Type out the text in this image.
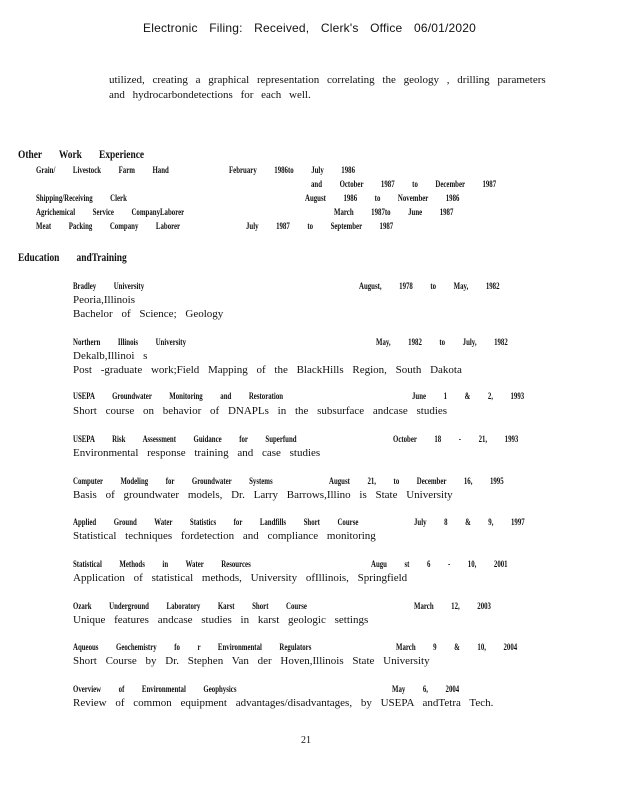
Electronic Filing: Received, Clerk's Office 06/01/2020
utilized, creating a graphical representation correlating the geology , drilling parameters
and hydrocarbondetections for each well.
Other Work Experience
Grain/ Livestock Farm Hand	February 1986to July 1986
and October 1987 to December 1987
Shipping/Receiving Clerk	August 1986 to November 1986
Agrichemical Service CompanyLaborer	March 1987to June 1987
Meat Packing Company Laborer	July 1987 to September 1987
Education andTraining
Bradley University	August, 1978 to May, 1982
Peoria,Illinois
Bachelor of Science; Geology
Northern Illinois University	May, 1982 to July, 1982
Dekalb,Illinoi s
Post -graduate work;Field Mapping of the BlackHills Region, South Dakota
USEPA Groundwater Monitoring and Restoration	June 1 & 2, 1993
Short course on behavior of DNAPLs in the subsurface andcase studies
USEPA Risk Assessment Guidance for Superfund	October 18 - 21, 1993
Environmental response training and case studies
Computer Modeling for Groundwater Systems	August 21, to December 16, 1995
Basis of groundwater models, Dr. Larry Barrows,Illino is State University
Applied Ground Water Statistics for Landfills Short Course	July 8 & 9, 1997
Statistical techniques fordetection and compliance monitoring
Statistical Methods in Water Resources	Augu st 6 - 10, 2001
Application of statistical methods, University ofIllinois, Springfield
Ozark Underground Laboratory Karst Short Course	March 12, 2003
Unique features andcase studies in karst geologic settings
Aqueous Geochemistry fo r Environmental Regulators	March 9 & 10, 2004
Short Course by Dr. Stephen Van der Hoven,Illinois State University
Overview of Environmental Geophysics	May 6, 2004
Review of common equipment advantages/disadvantages, by USEPA andTetra Tech.
21
